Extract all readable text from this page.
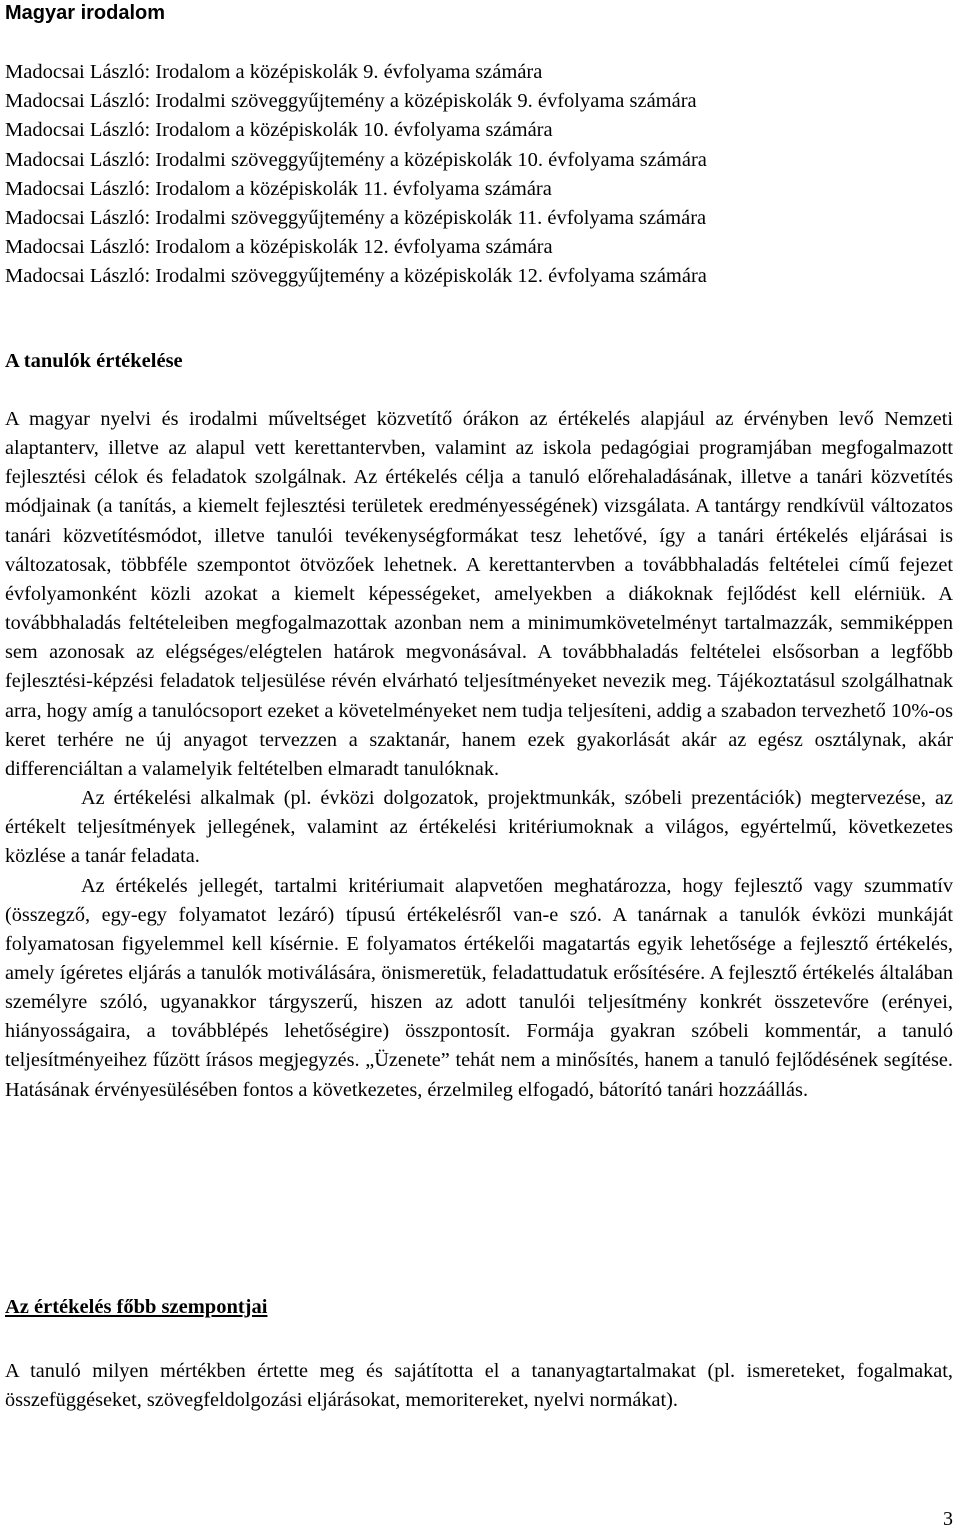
Magyar irodalom
Madocsai László: Irodalom a középiskolák 9. évfolyama számára
Madocsai László: Irodalmi szöveggyűjtemény a középiskolák 9. évfolyama számára
Madocsai László: Irodalom a középiskolák 10. évfolyama számára
Madocsai László: Irodalmi szöveggyűjtemény a középiskolák 10. évfolyama számára
Madocsai László: Irodalom a középiskolák 11. évfolyama számára
Madocsai László: Irodalmi szöveggyűjtemény a középiskolák 11. évfolyama számára
Madocsai László: Irodalom a középiskolák 12. évfolyama számára
Madocsai László: Irodalmi szöveggyűjtemény a középiskolák 12. évfolyama számára
A tanulók értékelése

A magyar nyelvi és irodalmi műveltséget közvetítő órákon az értékelés alapjául az érvényben levő Nemzeti alaptanterv, illetve az alapul vett kerettantervben, valamint az iskola pedagógiai programjában megfogalmazott fejlesztési célok és feladatok szolgálnak. Az értékelés célja a tanuló előrehaladásának, illetve a tanári közvetítés módjainak (a tanítás, a kiemelt fejlesztési területek eredményességének) vizsgálata. A tantárgy rendkívül változatos tanári közvetítésmódot, illetve tanulói tevékenységformákat tesz lehetővé, így a tanári értékelés eljárásai is változatosak, többféle szempontot ötvözőek lehetnek. A kerettantervben a továbbhaladás feltételei című fejezet évfolyamonként közli azokat a kiemelt képességeket, amelyekben a diákoknak fejlődést kell elérniük. A továbbhaladás feltételeiben megfogalmazottak azonban nem a minimumkövetelményt tartalmazzák, semmiképpen sem azonosak az elégséges/elégtelen határok megvonásával. A továbbhaladás feltételei elsősorban a legfőbb fejlesztési-képzési feladatok teljesülése révén elvárható teljesítményeket nevezik meg. Tájékoztatásul szolgálhatnak arra, hogy amíg a tanulócsoport ezeket a követelményeket nem tudja teljesíteni, addig a szabadon tervezhető 10%-os keret terhére ne új anyagot tervezzen a szaktanár, hanem ezek gyakorlását akár az egész osztálynak, akár differenciáltan a valamelyik feltételben elmaradt tanulóknak.

Az értékelési alkalmak (pl. évközi dolgozatok, projektmunkák, szóbeli prezentációk) megtervezése, az értékelt teljesítmények jellegének, valamint az értékelési kritériumoknak a világos, egyértelmű, következetes közlése a tanár feladata.

Az értékelés jellegét, tartalmi kritériumait alapvetően meghatározza, hogy fejlesztő vagy szummatív (összegző, egy-egy folyamatot lezáró) típusú értékelésről van-e szó. A tanárnak a tanulók évközi munkáját folyamatosan figyelemmel kell kísérnie. E folyamatos értékelői magatartás egyik lehetősége a fejlesztő értékelés, amely ígéretes eljárás a tanulók motiválására, önismeretük, feladattudatuk erősítésére. A fejlesztő értékelés általában személyre szóló, ugyanakkor tárgyszerű, hiszen az adott tanulói teljesítmény konkrét összetevőre (erényei, hiányosságaira, a továbblépés lehetőségire) összpontosít. Formája gyakran szóbeli kommentár, a tanuló teljesítményeihez fűzött írásos megjegyzés. „Üzenete” tehát nem a minősítés, hanem a tanuló fejlődésének segítése. Hatásának érvényesülésében fontos a következetes, érzelmileg elfogadó, bátorító tanári hozzáállás.

Az értékelés főbb szempontjai

A tanuló milyen mértékben értette meg és sajátította el a tananyagtartalmakat (pl. ismereteket, fogalmakat, összefüggéseket, szövegfeldolgozási eljárásokat, memoritereket, nyelvi normákat).

3
